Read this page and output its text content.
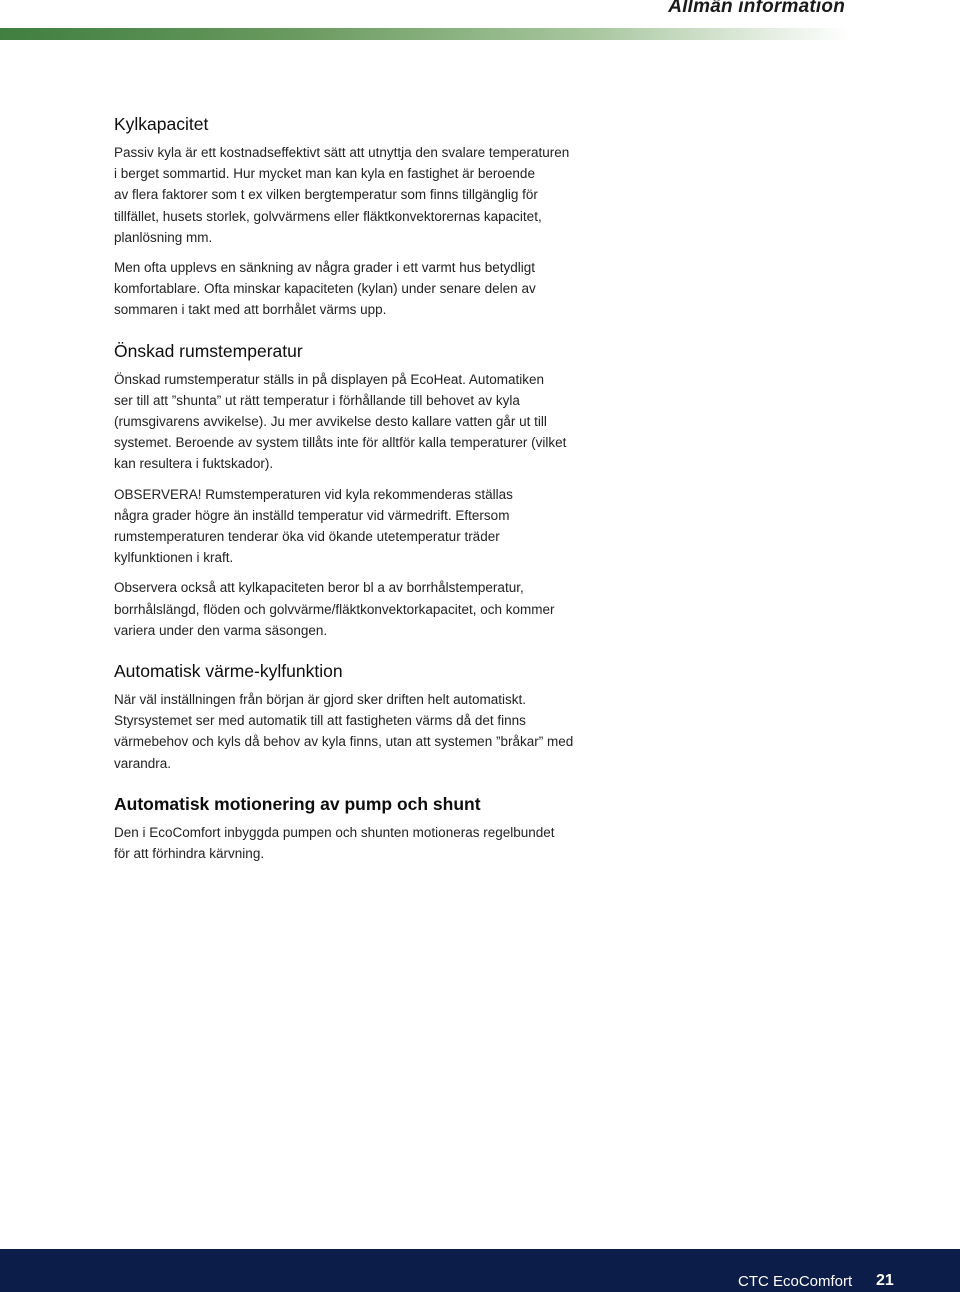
Allmän information
Kylkapacitet

Passiv kyla är ett kostnadseffektivt sätt att utnyttja den svalare temperaturen
i berget sommartid. Hur mycket man kan kyla en fastighet är beroende
av flera faktorer som t ex vilken bergtemperatur som finns tillgänglig för
tillfället, husets storlek, golvvärmens eller fläktkonvektorernas kapacitet,
planlösning mm.

Men ofta upplevs en sänkning av några grader i ett varmt hus betydligt
komfortablare. Ofta minskar kapaciteten (kylan) under senare delen av
sommaren i takt med att borrhålet värms upp.

Önskad rumstemperatur

Önskad rumstemperatur ställs in på displayen på EcoHeat. Automatiken
ser till att ”shunta” ut rätt temperatur i förhållande till behovet av kyla
(rumsgivarens avvikelse). Ju mer avvikelse desto kallare vatten går ut till
systemet. Beroende av system tillåts inte för alltför kalla temperaturer (vilket
kan resultera i fuktskador).

OBSERVERA! Rumstemperaturen vid kyla rekommenderas ställas
några grader högre än inställd temperatur vid värmedrift. Eftersom
rumstemperaturen tenderar öka vid ökande utetemperatur träder
kylfunktionen i kraft.

Observera också att kylkapaciteten beror bl a av borrhålstemperatur,
borrhålslängd, flöden och golvvärme/fläktkonvektorkapacitet, och kommer
variera under den varma säsongen.

Automatisk värme-kylfunktion

När väl inställningen från början är gjord sker driften helt automatiskt.
Styrsystemet ser med automatik till att fastigheten värms då det finns
värmebehov och kyls då behov av kyla finns, utan att systemen ”bråkar” med
varandra.

Automatisk motionering av pump och shunt

Den i EcoComfort inbyggda pumpen och shunten motioneras regelbundet
för att förhindra kärvning.

CTC EcoComfort 21
